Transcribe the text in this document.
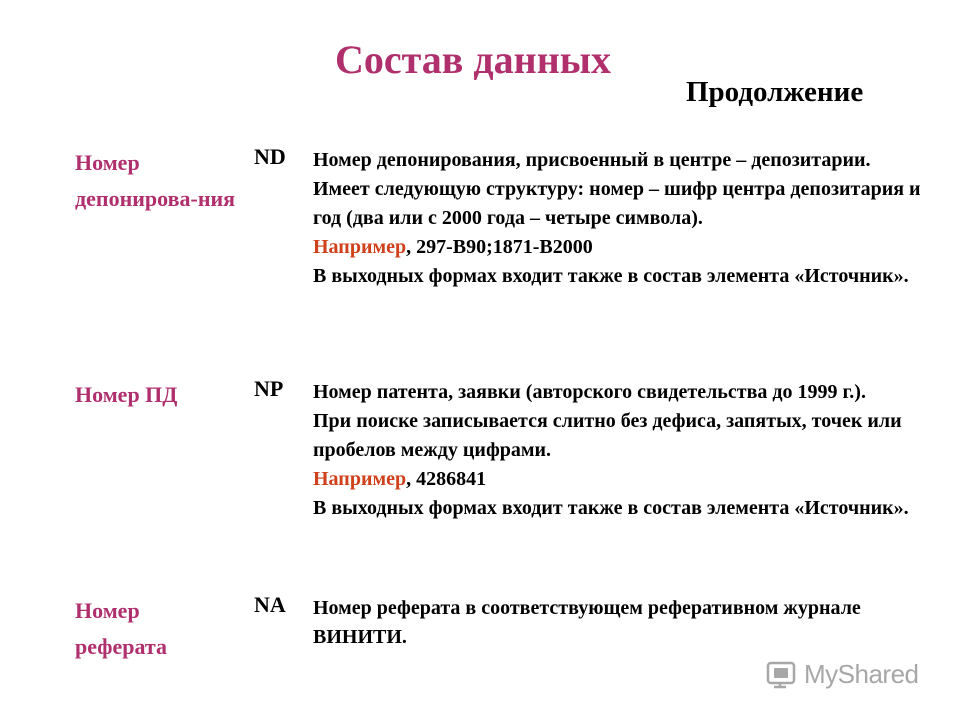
Состав данных
Продолжение
Номер депонирова-ния
ND Номер депонирования, присвоенный в центре – депозитарии. Имеет следующую структуру: номер – шифр центра депозитария и год (два или с 2000 года – четыре символа).

Например, 297-В90;1871-В2000

В выходных формах входит также в состав элемента «Источник».

Номер ПД	NP Номер патента, заявки (авторского свидетельства до 1999 г.).

При поиске записывается слитно без дефиса, запятых, точек или пробелов между цифрами.

Например, 4286841

В выходных формах входит также в состав элемента «Источник».

Номер реферата
NA Номер реферата в соответствующем реферативном журнале ВИНИТИ.

MyShared
